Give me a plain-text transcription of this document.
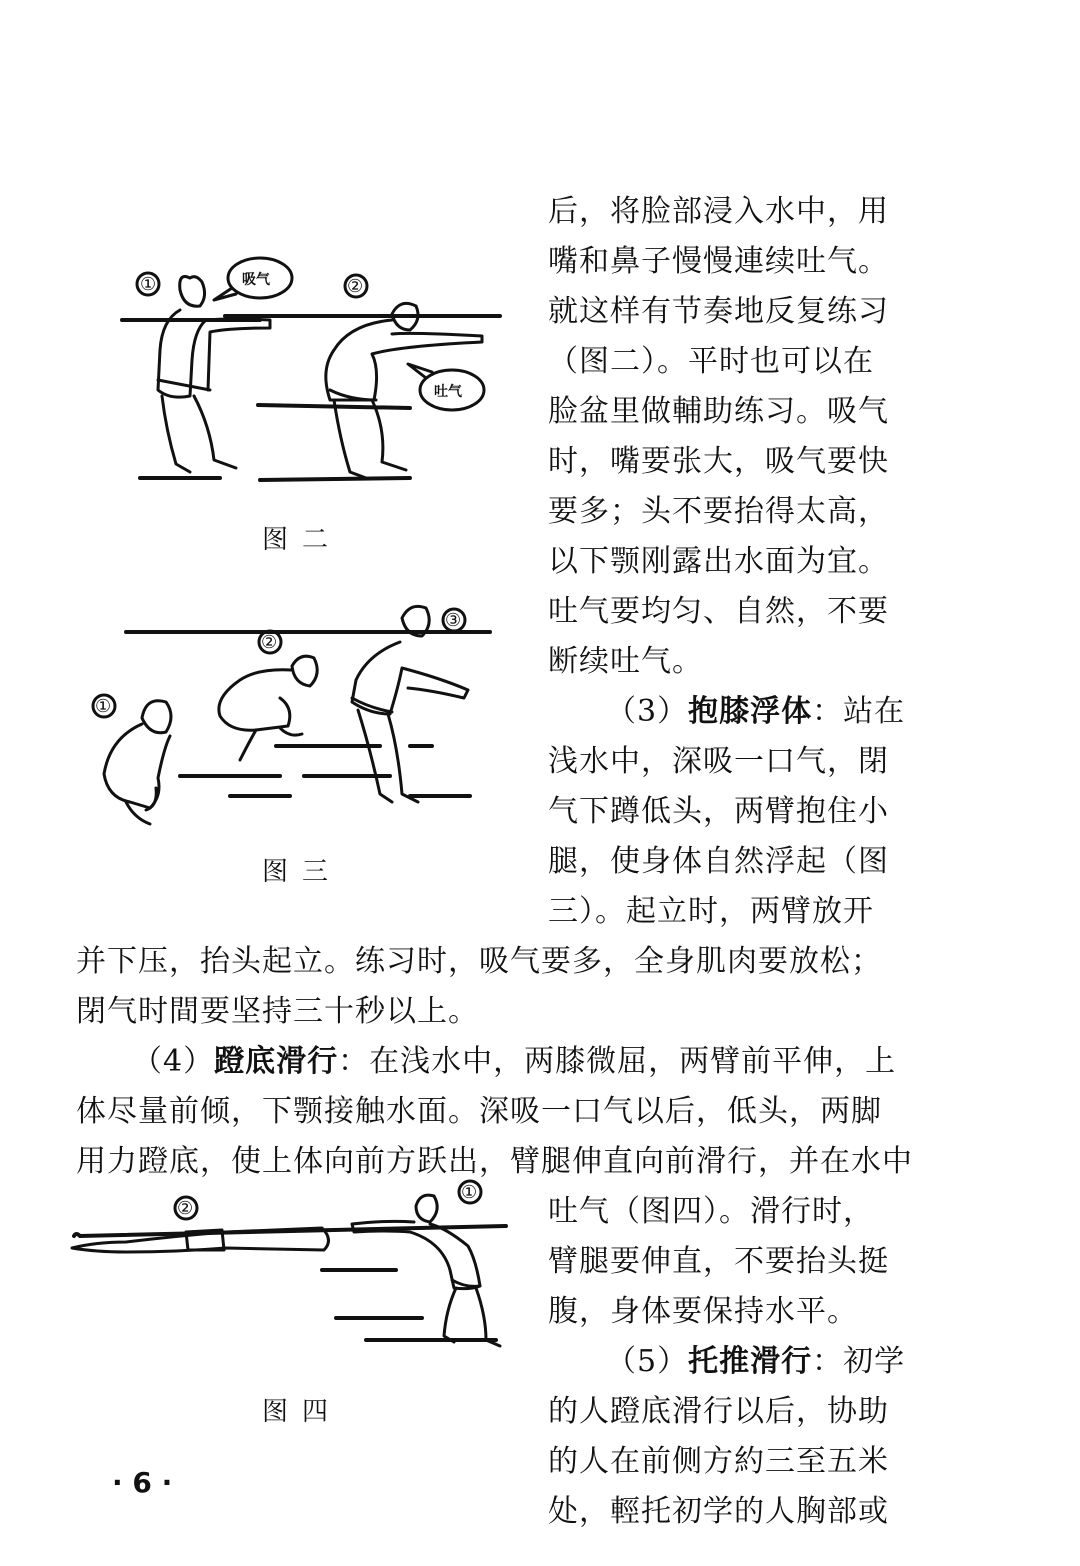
后，将脸部浸入水中，用
嘴和鼻子慢慢連续吐气。
就这样有节奏地反复练习
（图二）。平时也可以在
脸盆里做輔助练习。吸气
时，嘴要张大，吸气要快
要多；头不要抬得太高，
以下颚刚露出水面为宜。
吐气要均匀、自然，不要
断续吐气。
（3）抱膝浮体：站在
浅水中，深吸一口气，閉
气下蹲低头，两臂抱住小
腿，使身体自然浮起（图
三）。起立时，两臂放开
并下压，抬头起立。练习时，吸气要多，全身肌肉要放松；
閉气时間要坚持三十秒以上。
（4）蹬底滑行：在浅水中，两膝微屈，两臂前平伸，上
体尽量前倾，下颚接触水面。深吸一口气以后，低头，两脚
用力蹬底，使上体向前方跃出，臂腿伸直向前滑行，并在水中
吐气（图四）。滑行时，
臂腿要伸直，不要抬头挺
腹，身体要保持水平。
（5）托推滑行：初学
的人蹬底滑行以后，协助
的人在前侧方約三至五米
处，輕托初学的人胸部或
①	吸气	②
吐气
图二
①
②
③
图三
②
①
图四
· 6 ·
